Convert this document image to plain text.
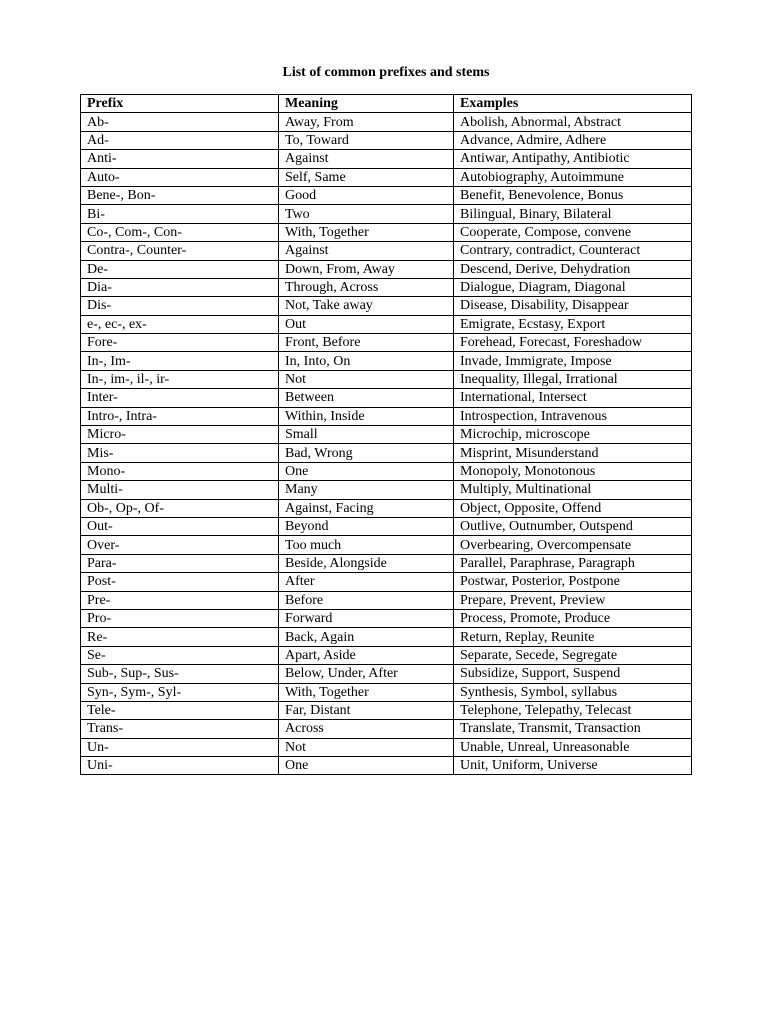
List of common prefixes and stems
Prefix	Meaning	Examples
Ab-	Away, From	Abolish, Abnormal, Abstract
Ad-	To, Toward	Advance, Admire, Adhere
Anti-	Against	Antiwar, Antipathy, Antibiotic
Auto-	Self, Same	Autobiography, Autoimmune
Bene-, Bon-	Good	Benefit, Benevolence, Bonus
Bi-	Two	Bilingual, Binary, Bilateral
Co-, Com-, Con-	With, Together	Cooperate, Compose, convene
Contra-, Counter-	Against	Contrary, contradict, Counteract
De-	Down, From, Away	Descend, Derive, Dehydration
Dia-	Through, Across	Dialogue, Diagram, Diagonal
Dis-	Not, Take away	Disease, Disability, Disappear
e-, ec-, ex-	Out	Emigrate, Ecstasy, Export
Fore-	Front, Before	Forehead, Forecast, Foreshadow
In-, Im-	In, Into, On	Invade, Immigrate, Impose
In-, im-, il-, ir-	Not	Inequality, Illegal, Irrational
Inter-	Between	International, Intersect
Intro-, Intra-	Within, Inside	Introspection, Intravenous
Micro-	Small	Microchip, microscope
Mis-	Bad, Wrong	Misprint, Misunderstand
Mono-	One	Monopoly, Monotonous
Multi-	Many	Multiply, Multinational
Ob-, Op-, Of-	Against, Facing	Object, Opposite, Offend
Out-	Beyond	Outlive, Outnumber, Outspend
Over-	Too much	Overbearing, Overcompensate
Para-	Beside, Alongside	Parallel, Paraphrase, Paragraph
Post-	After	Postwar, Posterior, Postpone
Pre-	Before	Prepare, Prevent, Preview
Pro-	Forward	Process, Promote, Produce
Re-	Back, Again	Return, Replay, Reunite
Se-	Apart, Aside	Separate, Secede, Segregate
Sub-, Sup-, Sus-	Below, Under, After	Subsidize, Support, Suspend
Syn-, Sym-, Syl-	With, Together	Synthesis, Symbol, syllabus
Tele-	Far, Distant	Telephone, Telepathy, Telecast
Trans-	Across	Translate, Transmit, Transaction
Un-	Not	Unable, Unreal, Unreasonable
Uni-	One	Unit, Uniform, Universe
